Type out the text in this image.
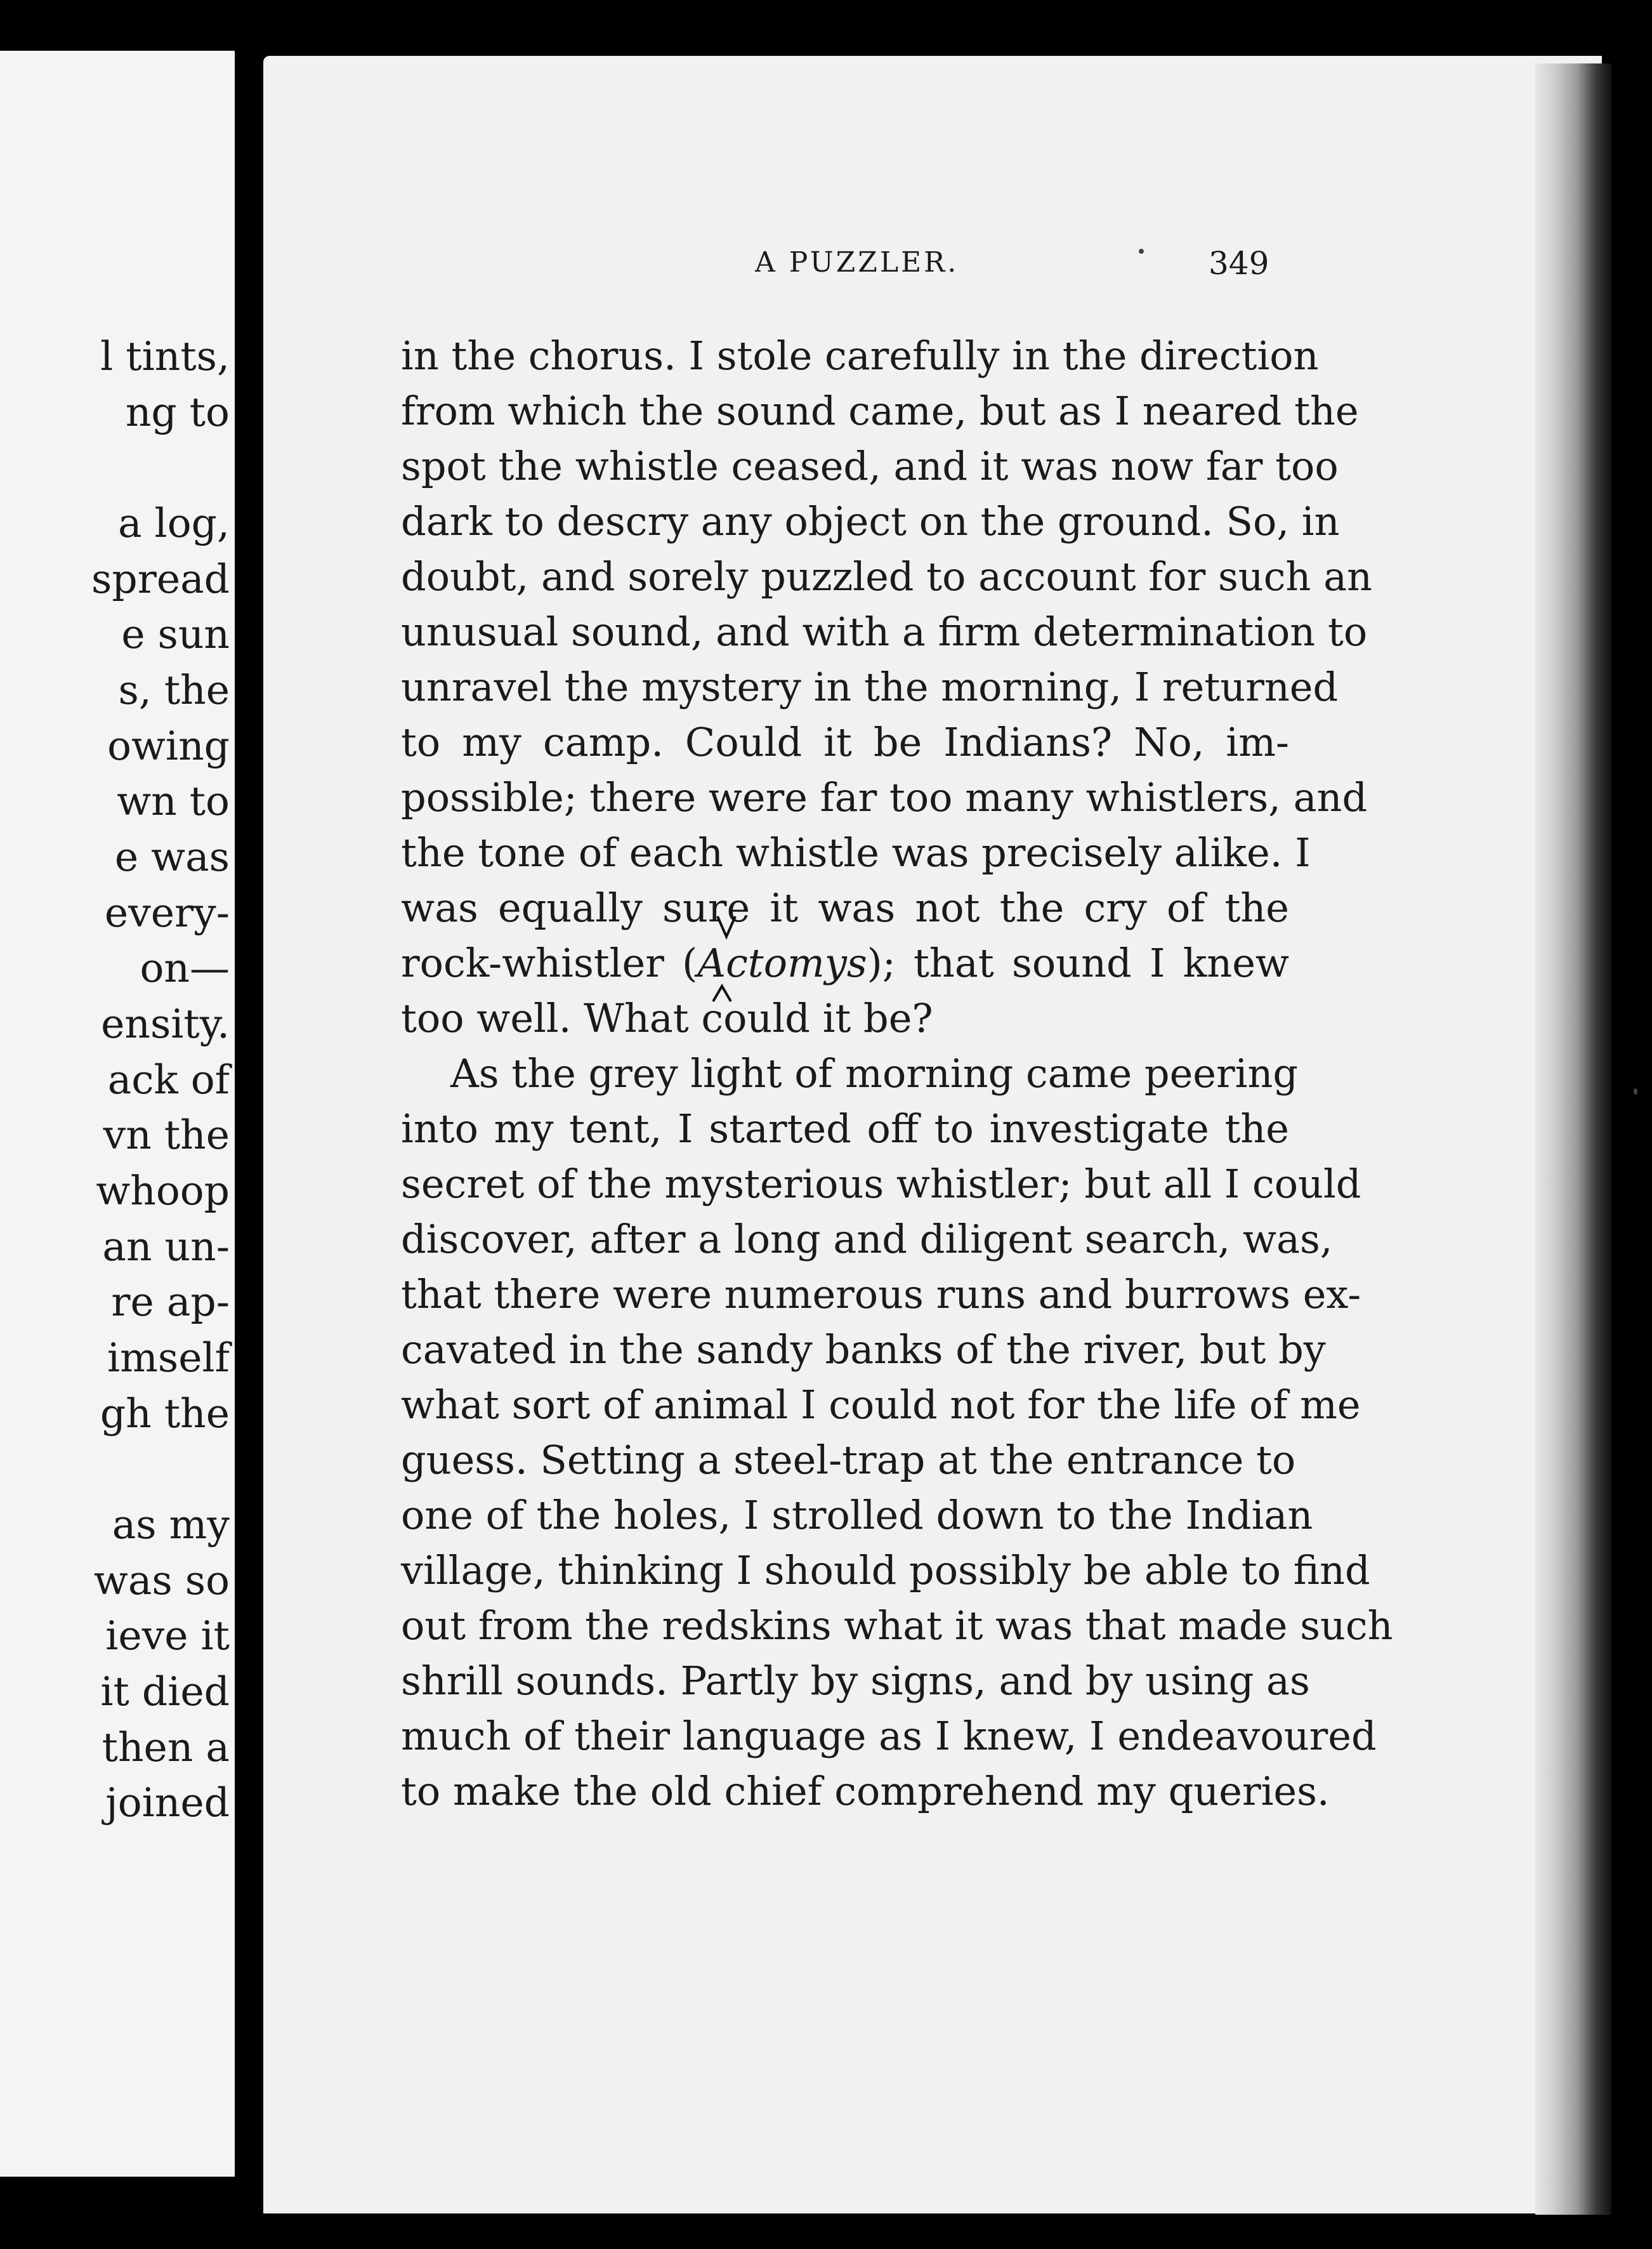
l tints,
ng to
a log,
spread
e sun
s, the
owing
wn to
e was
every-
on—
ensity.
ack of
vn the
whoop
an un-
re ap-
imself
gh the
as my
was so
ieve it
it died
then a
joined
A PUZZLER.	349
in the chorus. I stole carefully in the direction
from which the sound came, but as I neared the
spot the whistle ceased, and it was now far too
dark to descry any object on the ground. So, in
doubt, and sorely puzzled to account for such an
unusual sound, and with a firm determination to
unravel the mystery in the morning, I returned
to my camp. Could it be Indians? No, im-
possible; there were far too many whistlers, and
the tone of each whistle was precisely alike. I
was equally sure it was not the cry of the
rock-whistler (Actomys); that sound I knew
too well. What could it be?
As the grey light of morning came peering
into my tent, I started off to investigate the
secret of the mysterious whistler; but all I could
discover, after a long and diligent search, was,
that there were numerous runs and burrows ex-
cavated in the sandy banks of the river, but by
what sort of animal I could not for the life of me
guess. Setting a steel-trap at the entrance to
one of the holes, I strolled down to the Indian
village, thinking I should possibly be able to find
out from the redskins what it was that made such
shrill sounds. Partly by signs, and by using as
much of their language as I knew, I endeavoured
to make the old chief comprehend my queries.
